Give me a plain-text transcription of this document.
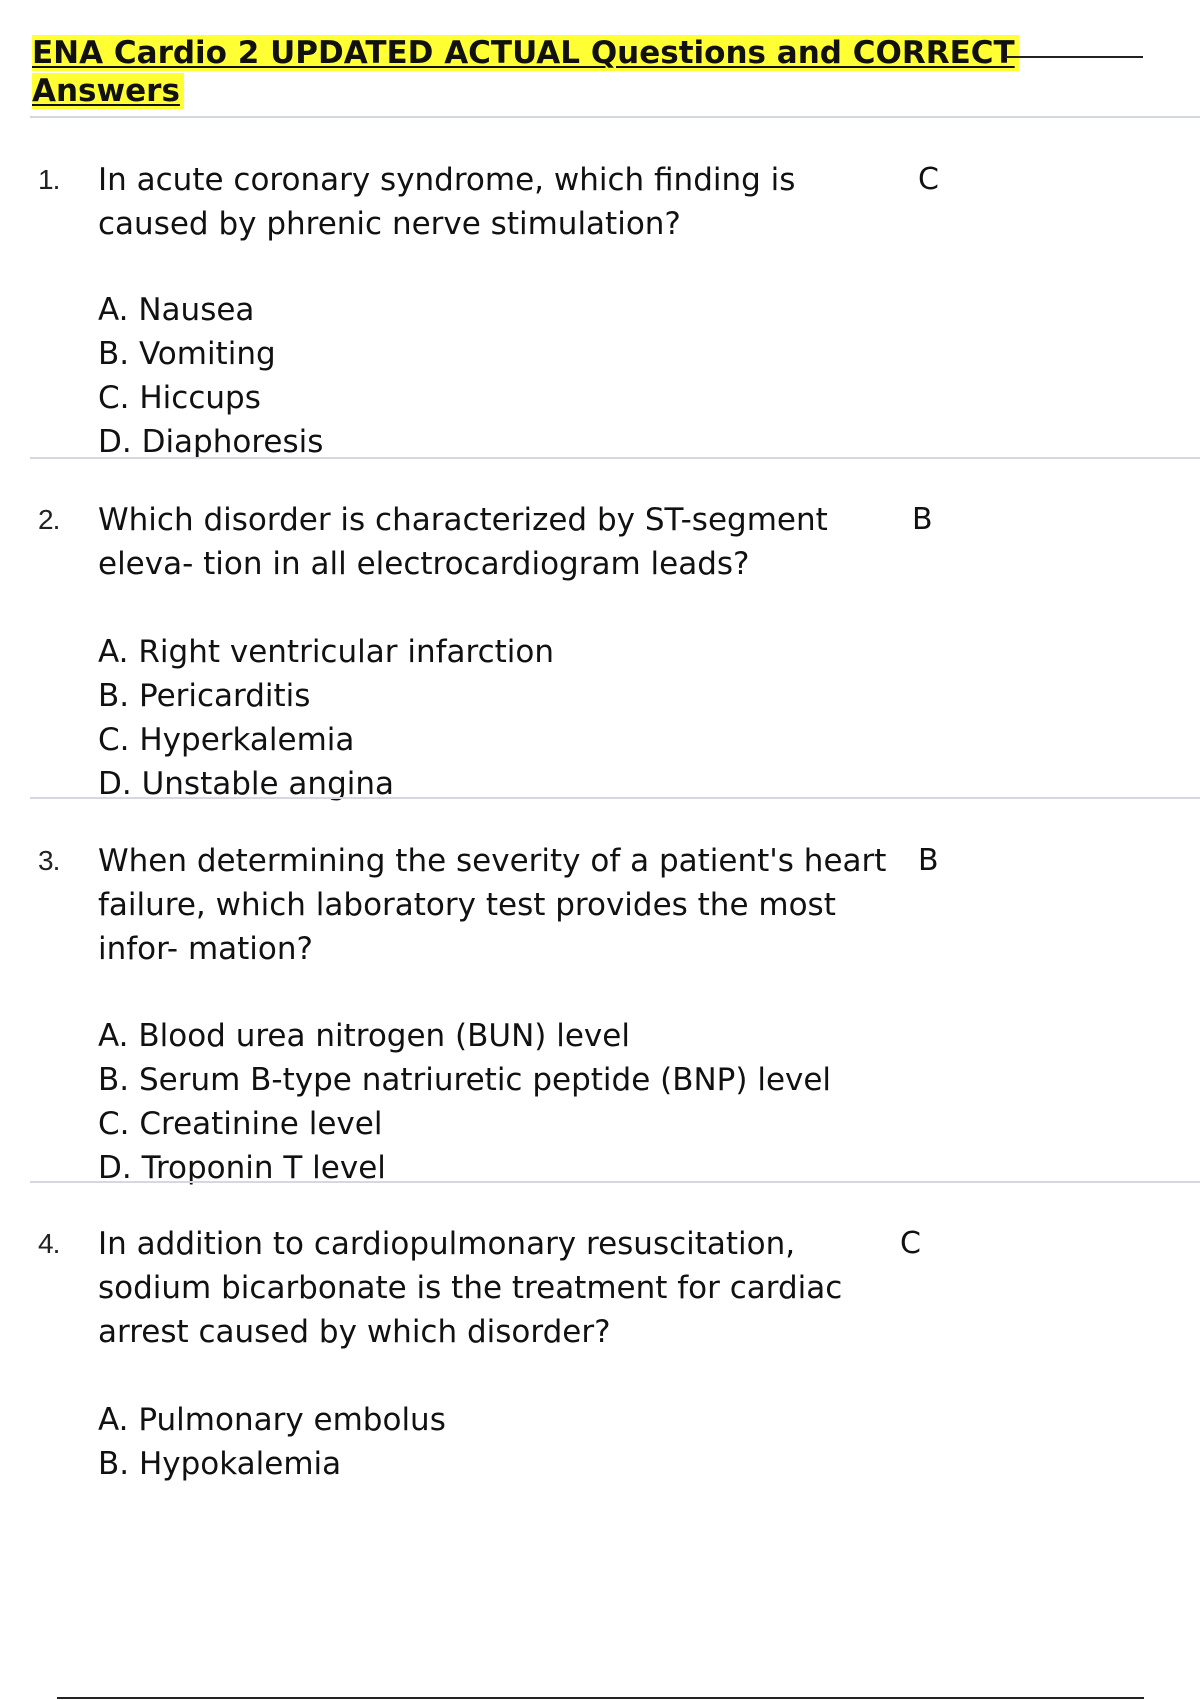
ENA Cardio 2 UPDATED ACTUAL Questions and CORRECT
Answers
1. In acute coronary syndrome, which finding is caused by phrenic nerve stimulation?
C
A. Nausea
B. Vomiting
C. Hiccups
D. Diaphoresis
2. Which disorder is characterized by ST-segment eleva- tion in all electrocardiogram leads?
B
A. Right ventricular infarction
B. Pericarditis
C. Hyperkalemia
D. Unstable angina
3. When determining the severity of a patient's heart failure, which laboratory test provides the most infor- mation?
B
A. Blood urea nitrogen (BUN) level
B. Serum B-type natriuretic peptide (BNP) level
C. Creatinine level
D. Troponin T level
4. In addition to cardiopulmonary resuscitation, sodium bicarbonate is the treatment for cardiac arrest caused by which disorder?
C
A. Pulmonary embolus
B. Hypokalemia
